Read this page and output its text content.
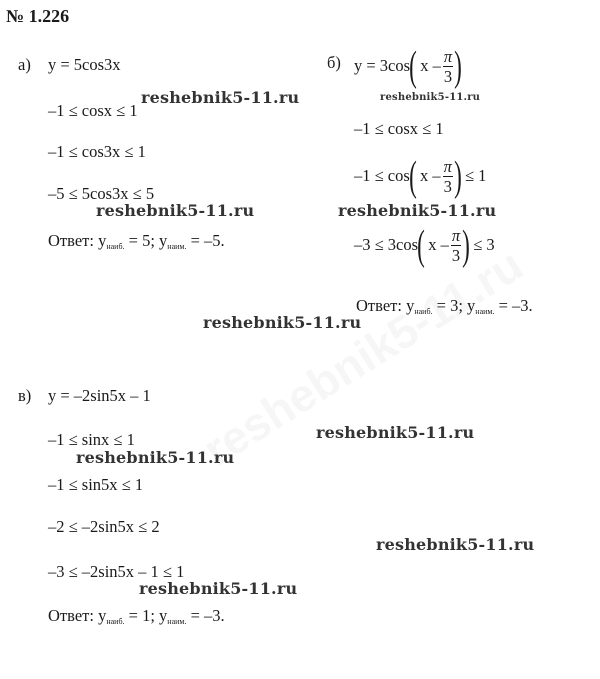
№ 1.226
а) y = 5cos3x
–1 ≤ cosx ≤ 1
–1 ≤ cos3x ≤ 1
–5 ≤ 5cos3x ≤ 5
Ответ: yнаиб. = 5; yнаим. = –5.
б) y = 3cos( x – $\frac{\pi}{3}$ )
–1 ≤ cosx ≤ 1
–1 ≤ cos( x – $\frac{\pi}{3}$ ) ≤ 1
–3 ≤ 3cos( x – $\frac{\pi}{3}$ ) ≤ 3
Ответ: yнаиб. = 3; yнаим. = –3.
в) y = –2sin5x – 1
–1 ≤ sinx ≤ 1
–1 ≤ sin5x ≤ 1
–2 ≤ –2sin5x ≤ 2
–3 ≤ –2sin5x – 1 ≤ 1
Ответ: yнаиб. = 1; yнаим. = –3.
reshebnik5-11.ru	reshebnik5-11.ru
reshebnik5-11.ru	reshebnik5-11.ru
reshebnik5-11.ru
reshebnik5-11.ru
reshebnik5-11.ru
reshebnik5-11.ru
reshebnik5-11.ru
